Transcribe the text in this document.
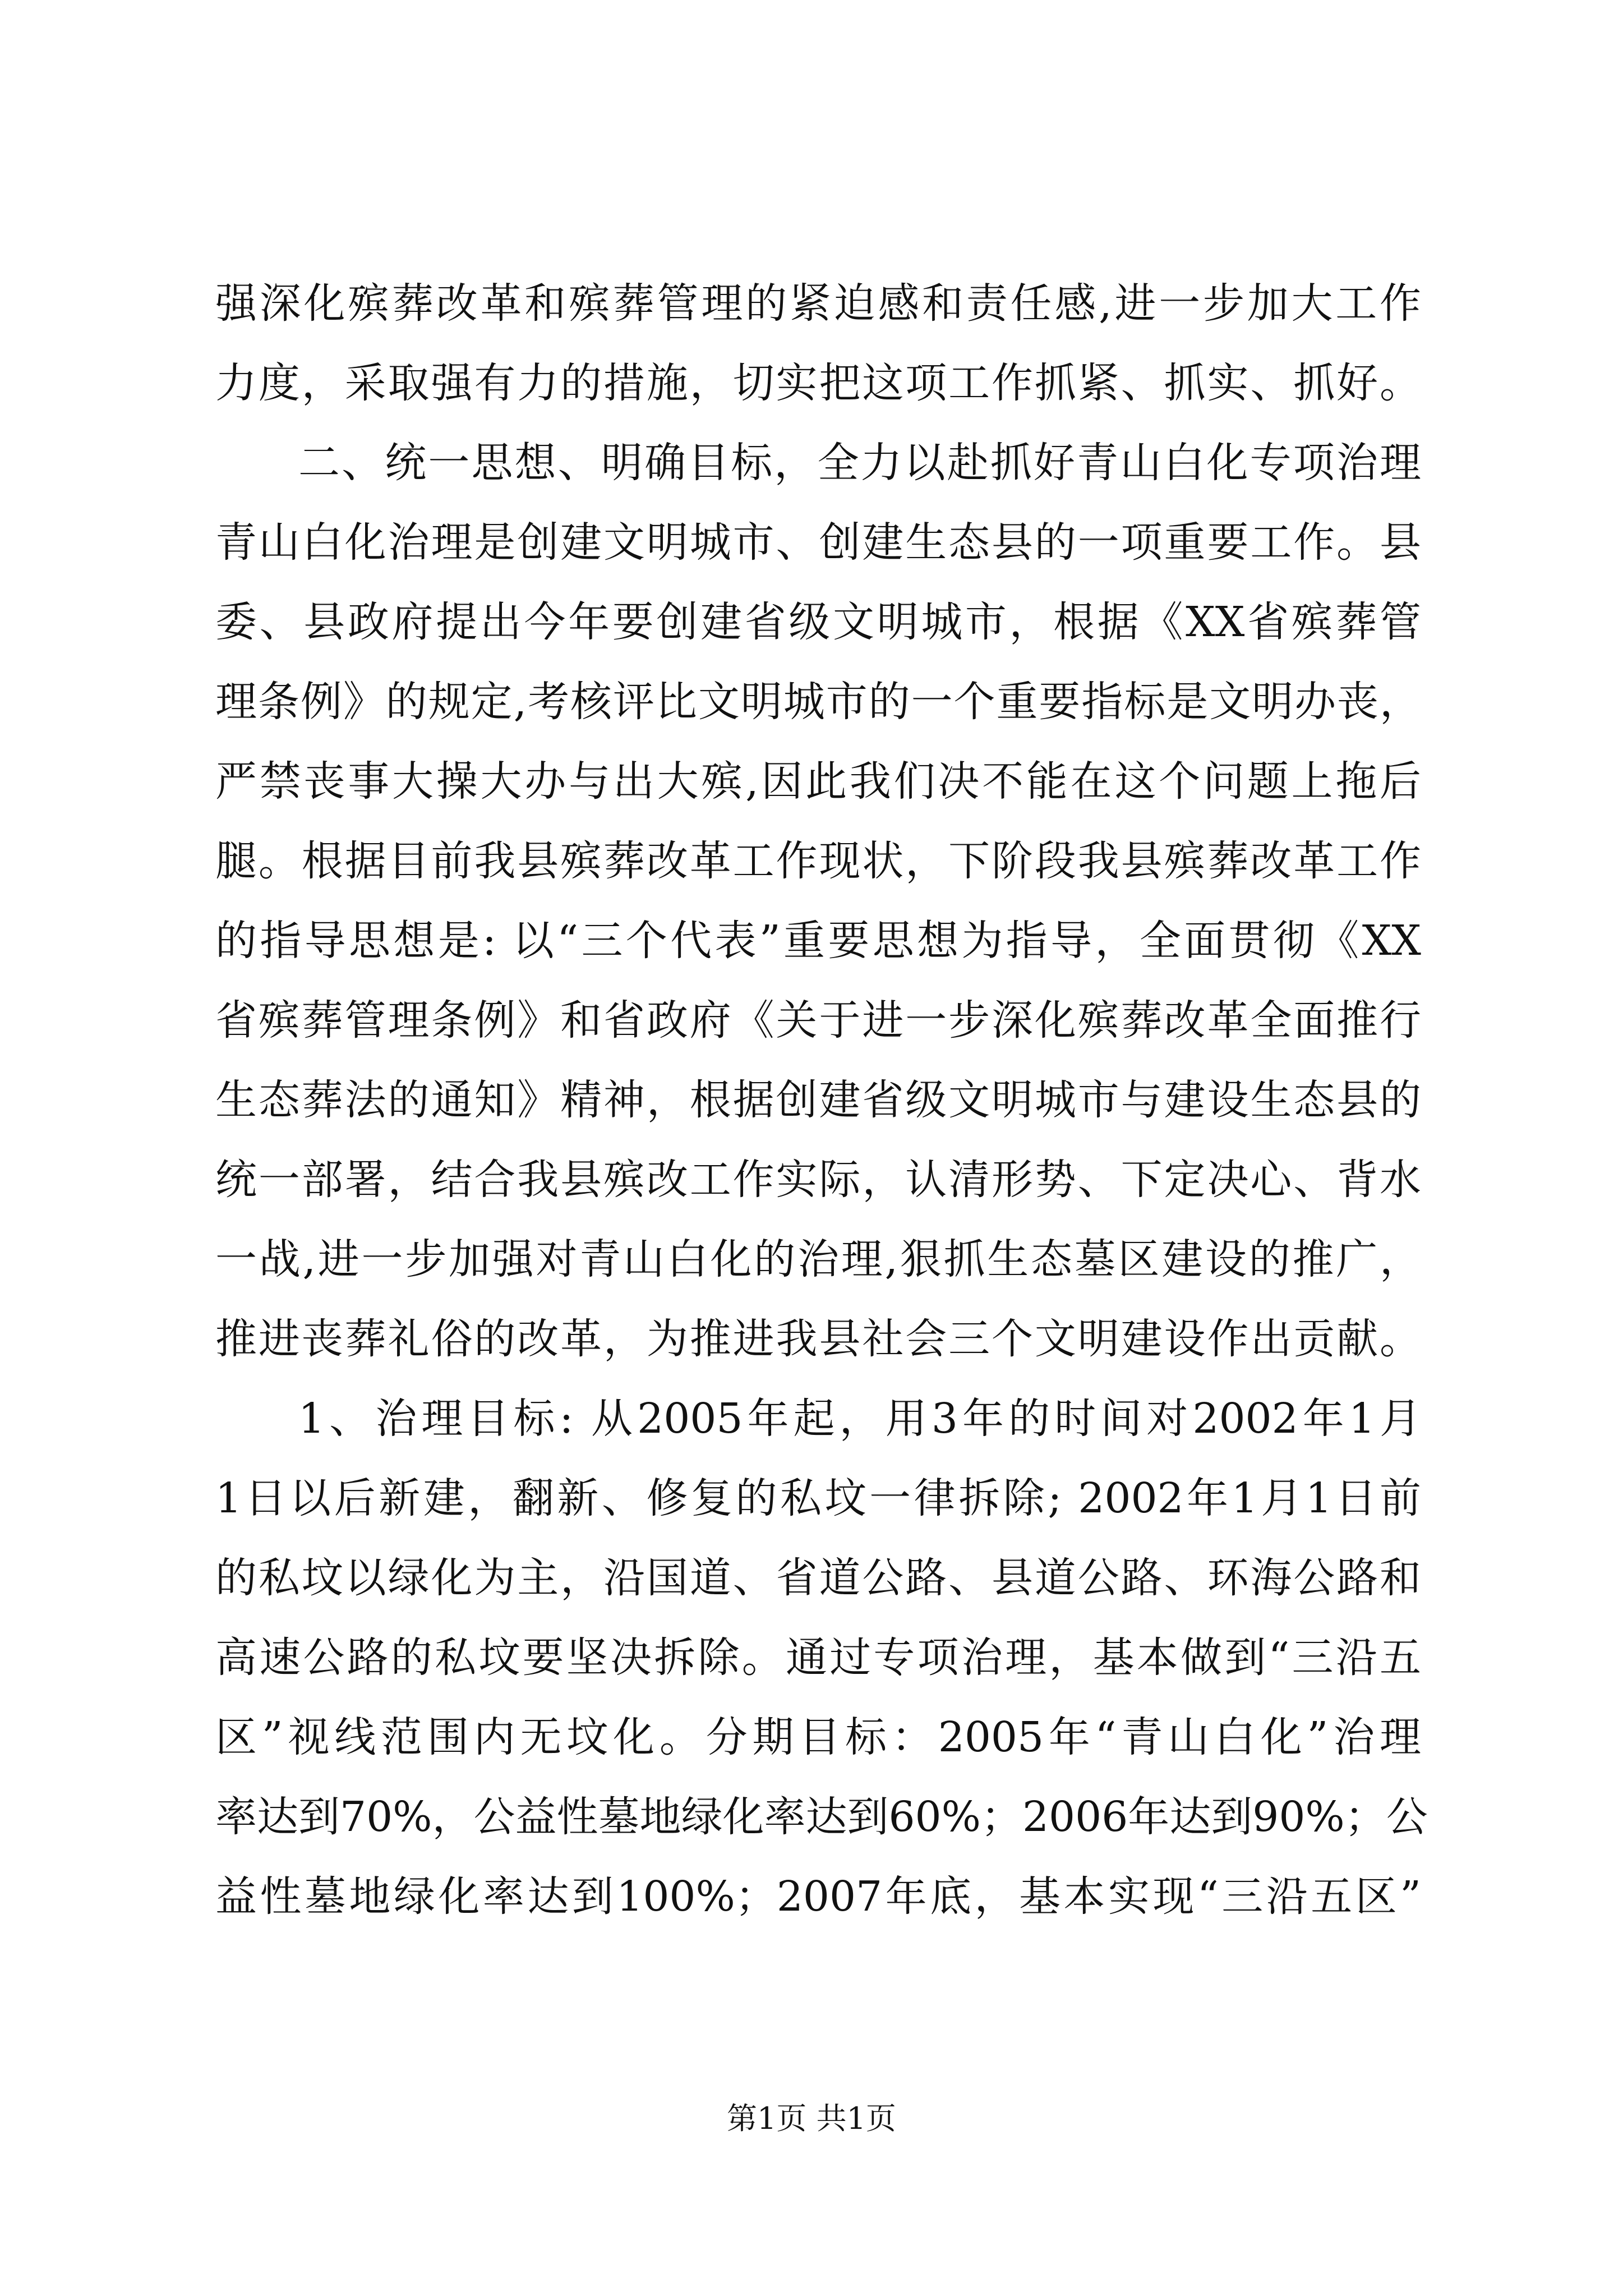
强深化殡葬改革和殡葬管理的紧迫感和责任感,进一步加大工作
力度，采取强有力的措施，切实把这项工作抓紧、抓实、抓好。
二、统一思想、明确目标，全力以赴抓好青山白化专项治理
青山白化治理是创建文明城市、创建生态县的一项重要工作。县
委、县政府提出今年要创建省级文明城市，根据《XX省殡葬管
理条例》的规定,考核评比文明城市的一个重要指标是文明办丧，
严禁丧事大操大办与出大殡,因此我们决不能在这个问题上拖后
腿。根据目前我县殡葬改革工作现状，下阶段我县殡葬改革工作
的指导思想是: 以“三个代表”重要思想为指导，全面贯彻《XX
省殡葬管理条例》和省政府《关于进一步深化殡葬改革全面推行
生态葬法的通知》精神，根据创建省级文明城市与建设生态县的
统一部署，结合我县殡改工作实际，认清形势、下定决心、背水
一战,进一步加强对青山白化的治理,狠抓生态墓区建设的推广，
推进丧葬礼俗的改革，为推进我县社会三个文明建设作出贡献。
1、治理目标: 从2005年起，用3年的时间对2002年1月
1日以后新建，翻新、修复的私坟一律拆除; 2002年1月1日前
的私坟以绿化为主，沿国道、省道公路、县道公路、环海公路和
高速公路的私坟要坚决拆除。通过专项治理，基本做到“三沿五
区”视线范围内无坟化。分期目标：2005年“青山白化”治理
率达到70%，公益性墓地绿化率达到60%；2006年达到90%；公
益性墓地绿化率达到100%；2007年底，基本实现“三沿五区”
第1页 共1页
